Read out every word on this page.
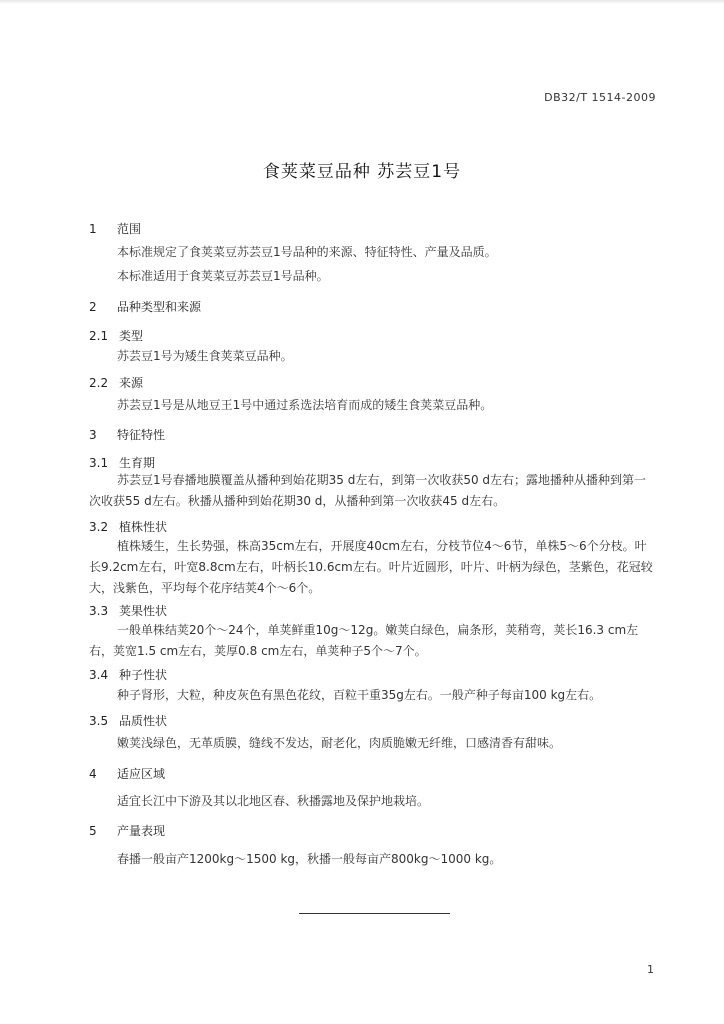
DB32/T 1514-2009
食荚菜豆品种 苏芸豆1号
1 范围
本标准规定了食荚菜豆苏芸豆1号品种的来源、特征特性、产量及品质。
本标准适用于食荚菜豆苏芸豆1号品种。
2 品种类型和来源
2.1 类型
苏芸豆1号为矮生食荚菜豆品种。
2.2 来源
苏芸豆1号是从地豆王1号中通过系选法培育而成的矮生食荚菜豆品种。
3 特征特性
3.1 生育期
苏芸豆1号春播地膜覆盖从播种到始花期35 d左右，到第一次收获50 d左右；露地播种从播种到第一次收获55 d左右。秋播从播种到始花期30 d，从播种到第一次收获45 d左右。
3.2 植株性状
植株矮生，生长势强，株高35cm左右，开展度40cm左右，分枝节位4～6节，单株5～6个分枝。叶长9.2cm左右，叶宽8.8cm左右，叶柄长10.6cm左右。叶片近圆形，叶片、叶柄为绿色，茎紫色，花冠较大，浅紫色，平均每个花序结荚4个～6个。
3.3 荚果性状
一般单株结荚20个～24个，单荚鲜重10g～12g。嫩荚白绿色，扁条形，荚稍弯，荚长16.3 cm左右，荚宽1.5 cm左右，荚厚0.8 cm左右，单荚种子5个～7个。
3.4 种子性状
种子肾形，大粒，种皮灰色有黑色花纹，百粒干重35g左右。一般产种子每亩100 kg左右。
3.5 品质性状
嫩荚浅绿色，无革质膜，缝线不发达，耐老化，肉质脆嫩无纤维，口感清香有甜味。
4 适应区域
适宜长江中下游及其以北地区春、秋播露地及保护地栽培。
5 产量表现
春播一般亩产1200kg～1500 kg，秋播一般每亩产800kg～1000 kg。
1
